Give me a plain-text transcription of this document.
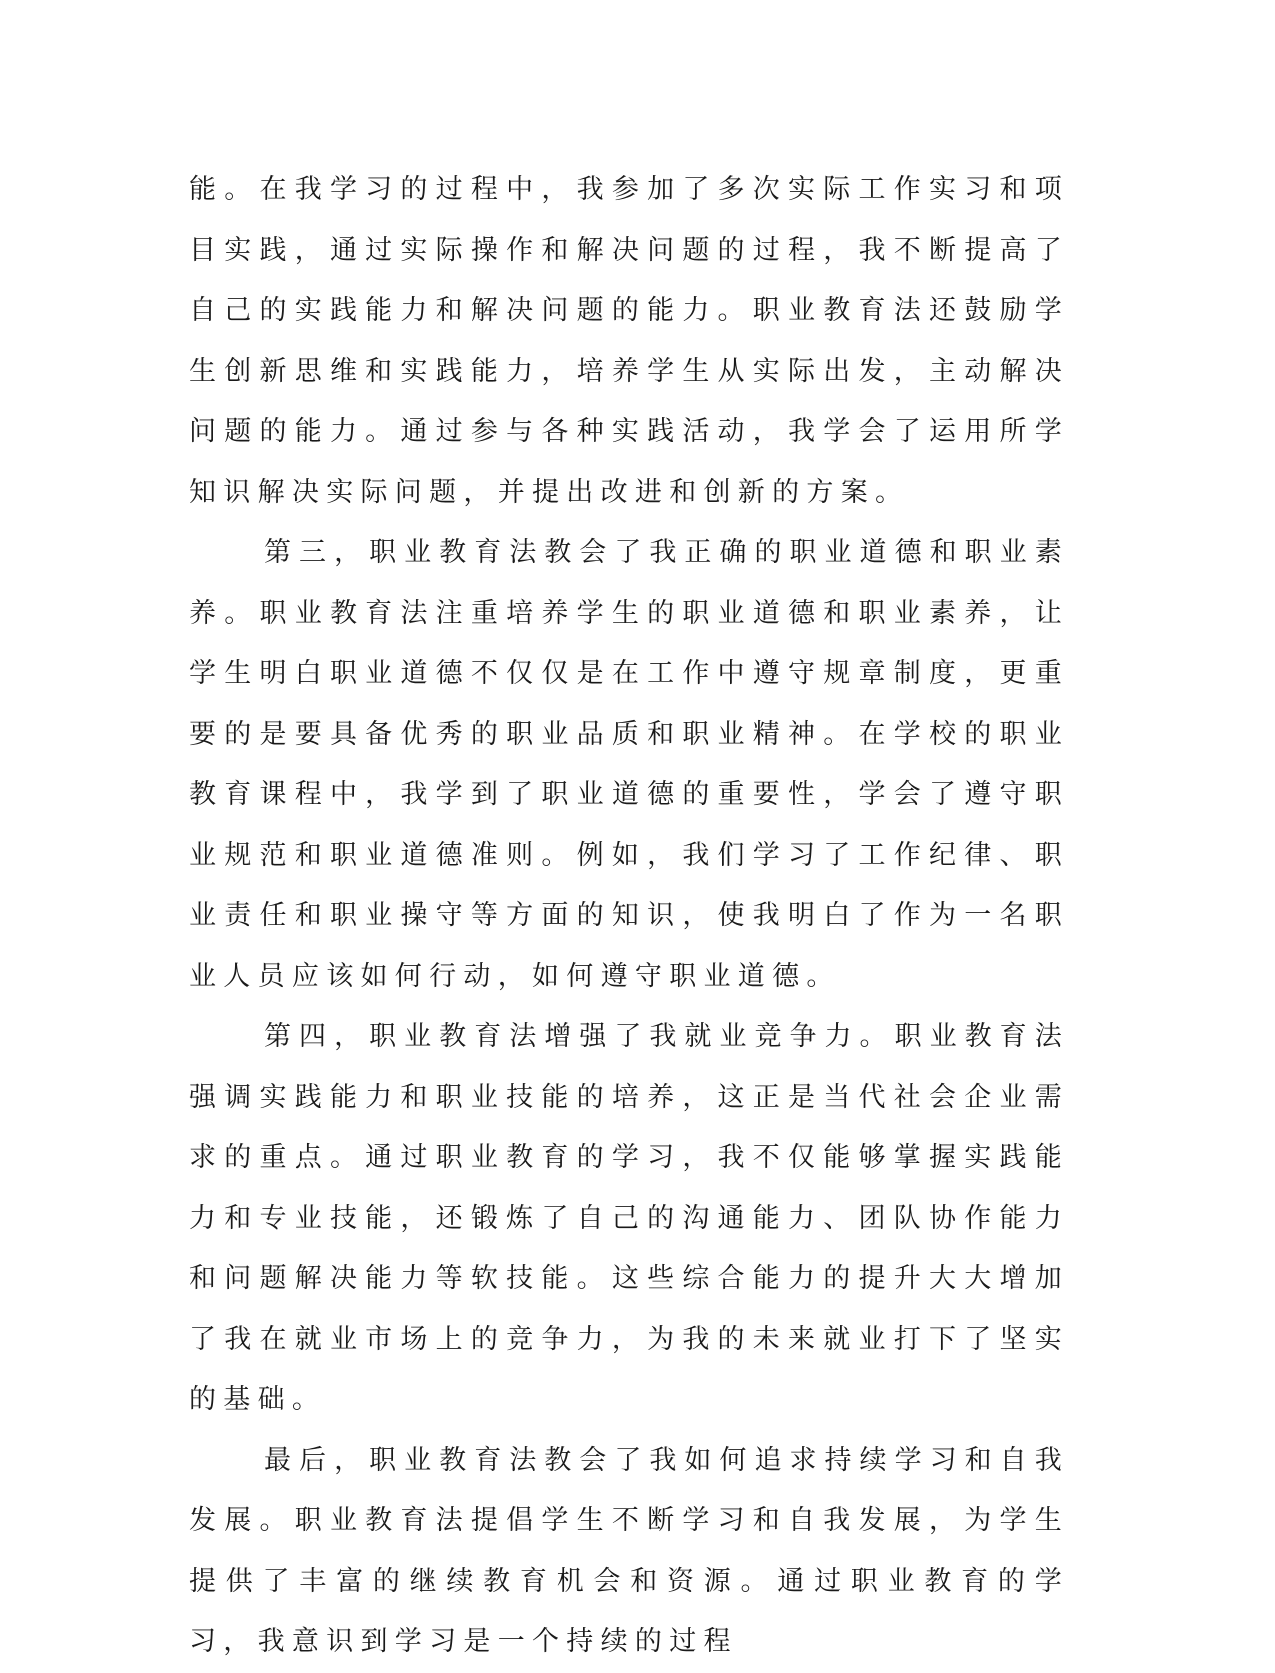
能。在我学习的过程中，我参加了多次实际工作实习和项目实践，通过实际操作和解决问题的过程，我不断提高了自己的实践能力和解决问题的能力。职业教育法还鼓励学生创新思维和实践能力，培养学生从实际出发，主动解决问题的能力。通过参与各种实践活动，我学会了运用所学知识解决实际问题，并提出改进和创新的方案。

第三，职业教育法教会了我正确的职业道德和职业素养。职业教育法注重培养学生的职业道德和职业素养，让学生明白职业道德不仅仅是在工作中遵守规章制度，更重要的是要具备优秀的职业品质和职业精神。在学校的职业教育课程中，我学到了职业道德的重要性，学会了遵守职业规范和职业道德准则。例如，我们学习了工作纪律、职业责任和职业操守等方面的知识，使我明白了作为一名职业人员应该如何行动，如何遵守职业道德。

第四，职业教育法增强了我就业竞争力。职业教育法强调实践能力和职业技能的培养，这正是当代社会企业需求的重点。通过职业教育的学习，我不仅能够掌握实践能力和专业技能，还锻炼了自己的沟通能力、团队协作能力和问题解决能力等软技能。这些综合能力的提升大大增加了我在就业市场上的竞争力，为我的未来就业打下了坚实的基础。

最后，职业教育法教会了我如何追求持续学习和自我发展。职业教育法提倡学生不断学习和自我发展，为学生提供了丰富的继续教育机会和资源。通过职业教育的学习，我意识到学习是一个持续的过程
